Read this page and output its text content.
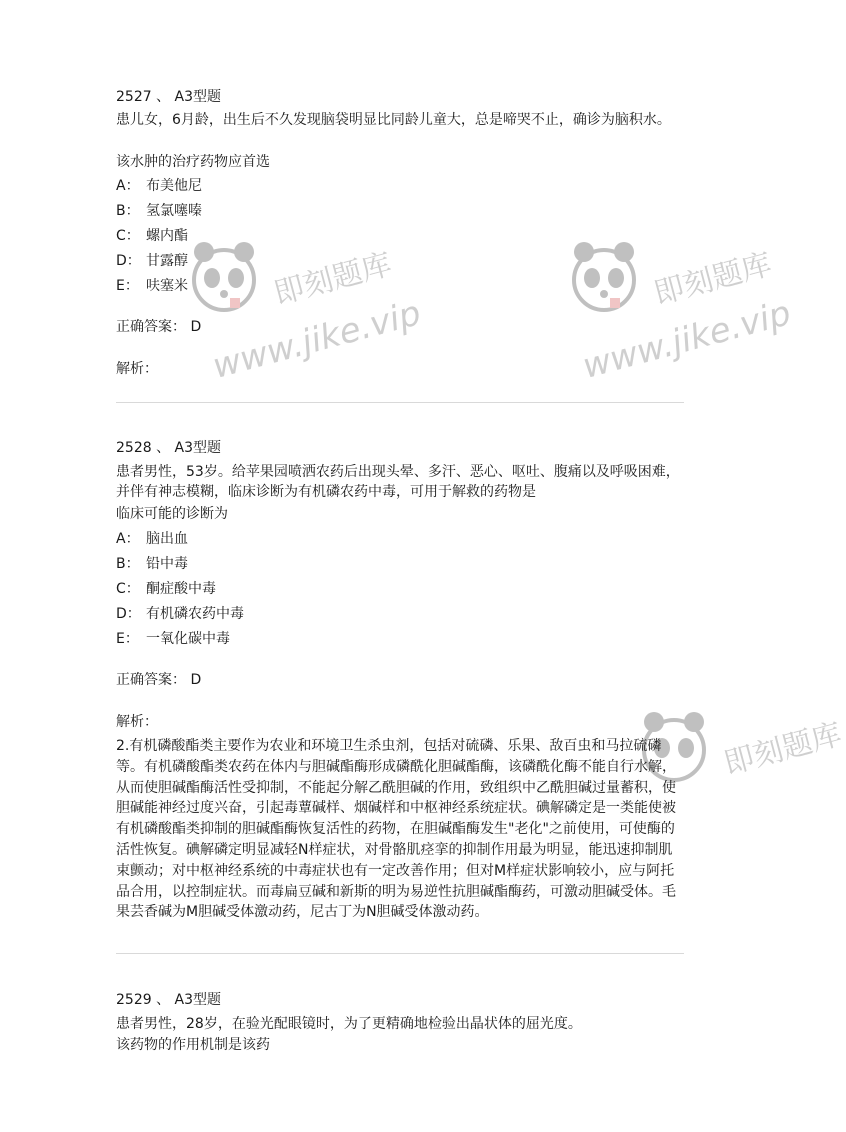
即刻题库
www.jike.vip
即刻题库
www.jike.vip
即刻题库
2527 、 A3型题
患儿女，6月龄，出生后不久发现脑袋明显比同龄儿童大，总是啼哭不止，确诊为脑积水。
该水肿的治疗药物应首选
A： 布美他尼
B： 氢氯噻嗪
C： 螺内酯
D： 甘露醇
E： 呋塞米
正确答案： D
解析：
2528 、 A3型题
患者男性，53岁。给苹果园喷洒农药后出现头晕、多汗、恶心、呕吐、腹痛以及呼吸困难，并伴有神志模糊，临床诊断为有机磷农药中毒，可用于解救的药物是
临床可能的诊断为
A： 脑出血
B： 铅中毒
C： 酮症酸中毒
D： 有机磷农药中毒
E： 一氧化碳中毒
正确答案： D
解析：
2.有机磷酸酯类主要作为农业和环境卫生杀虫剂，包括对硫磷、乐果、敌百虫和马拉硫磷等。有机磷酸酯类农药在体内与胆碱酯酶形成磷酰化胆碱酯酶，该磷酰化酶不能自行水解，从而使胆碱酯酶活性受抑制，不能起分解乙酰胆碱的作用，致组织中乙酰胆碱过量蓄积，使胆碱能神经过度兴奋，引起毒蕈碱样、烟碱样和中枢神经系统症状。碘解磷定是一类能使被有机磷酸酯类抑制的胆碱酯酶恢复活性的药物，在胆碱酯酶发生"老化"之前使用，可使酶的活性恢复。碘解磷定明显减轻N样症状，对骨骼肌痉挛的抑制作用最为明显，能迅速抑制肌束颤动；对中枢神经系统的中毒症状也有一定改善作用；但对M样症状影响较小，应与阿托品合用，以控制症状。而毒扁豆碱和新斯的明为易逆性抗胆碱酯酶药，可激动胆碱受体。毛果芸香碱为M胆碱受体激动药，尼古丁为N胆碱受体激动药。
2529 、 A3型题
患者男性，28岁，在验光配眼镜时，为了更精确地检验出晶状体的屈光度。
该药物的作用机制是该药
